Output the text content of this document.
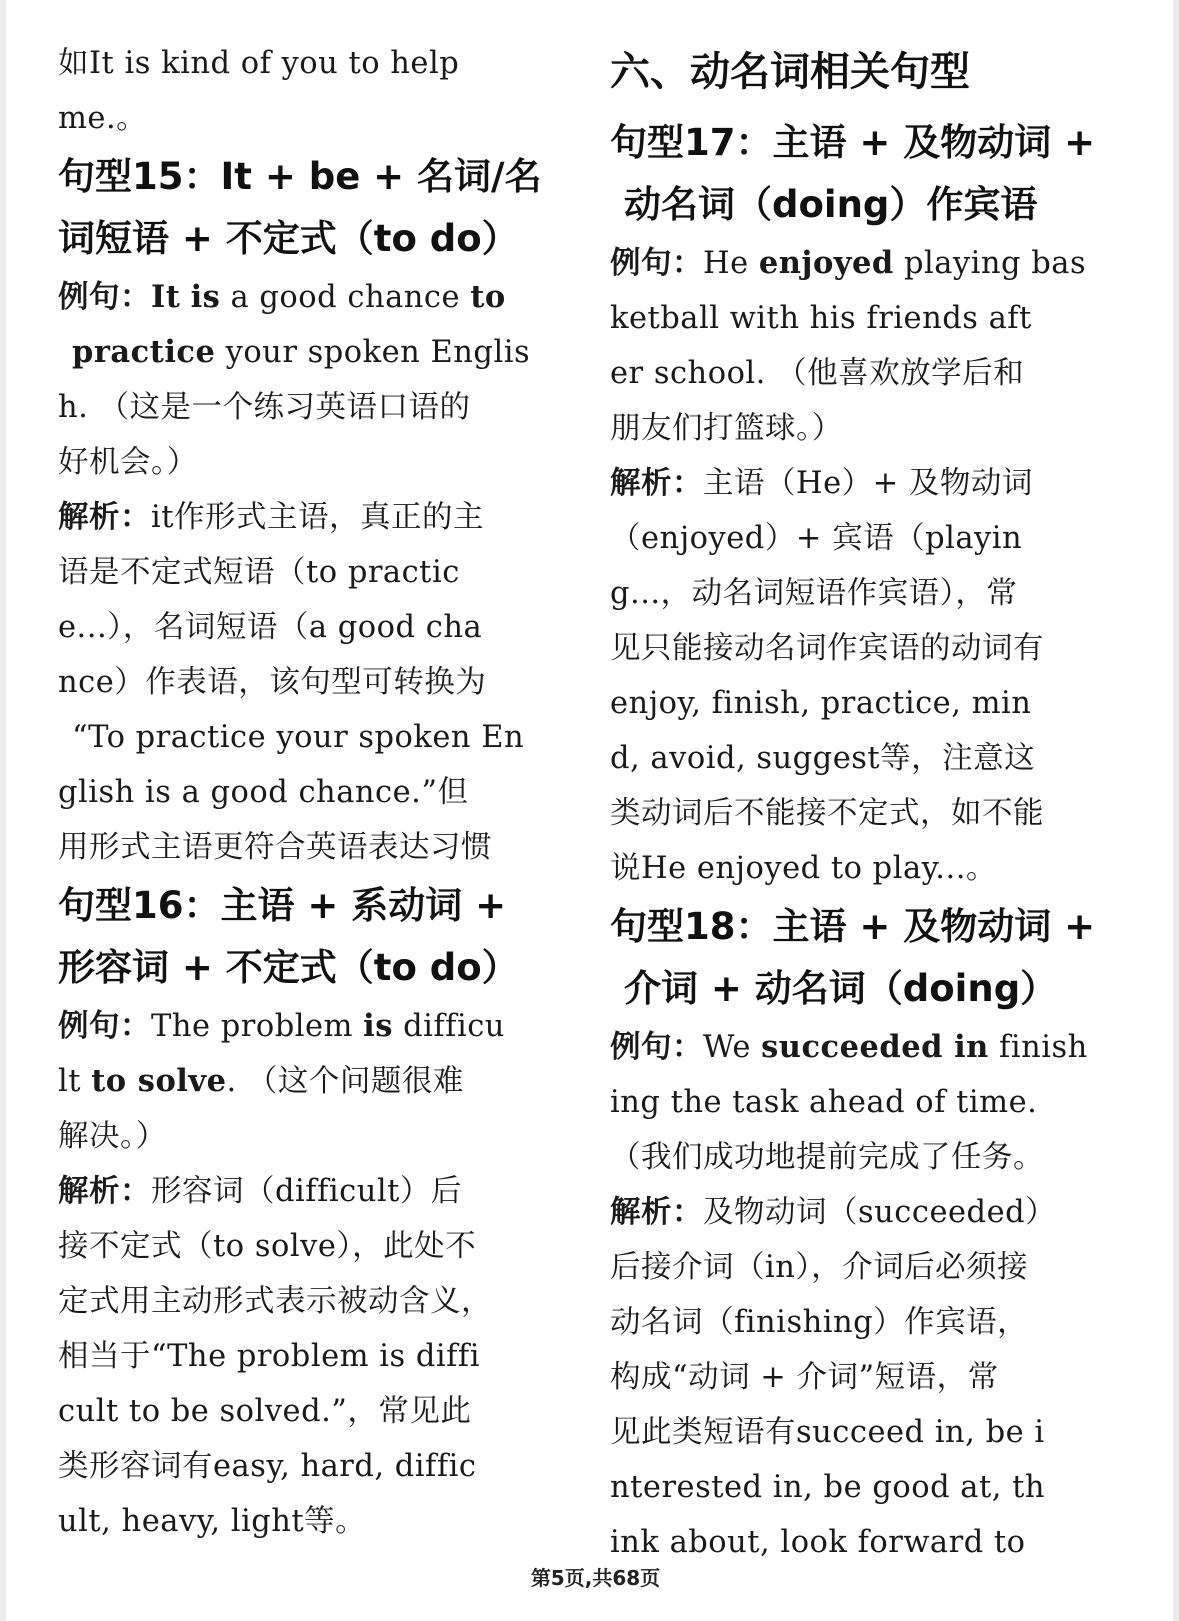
如It is kind of you to help
me.。
句型15：It + be + 名词/名
词短语 + 不定式（to do）
例句：It is a good chance to
practice your spoken Englis
h. （这是一个练习英语口语的
好机会。）
解析：it作形式主语，真正的主
语是不定式短语（to practic
e...），名词短语（a good cha
nce）作表语，该句型可转换为
“To practice your spoken En
glish is a good chance.”但
用形式主语更符合英语表达习惯
句型16：主语 + 系动词 +
形容词 + 不定式（to do）
例句：The problem is difficu
lt to solve. （这个问题很难
解决。）
解析：形容词（difficult）后
接不定式（to solve），此处不
定式用主动形式表示被动含义，
相当于“The problem is diffi
cult to be solved.”，常见此
类形容词有easy, hard, diffic
ult, heavy, light等。
六、动名词相关句型
句型17：主语 + 及物动词 +
动名词（doing）作宾语
例句：He enjoyed playing bas
ketball with his friends aft
er school. （他喜欢放学后和
朋友们打篮球。）
解析：主语（He）+ 及物动词
（enjoyed）+ 宾语（playin
g...，动名词短语作宾语），常
见只能接动名词作宾语的动词有
enjoy, finish, practice, min
d, avoid, suggest等，注意这
类动词后不能接不定式，如不能
说He enjoyed to play...。
句型18：主语 + 及物动词 +
介词 + 动名词（doing）
例句：We succeeded in finish
ing the task ahead of time.
（我们成功地提前完成了任务。
解析：及物动词（succeeded）
后接介词（in），介词后必须接
动名词（finishing）作宾语，
构成“动词 + 介词”短语，常
见此类短语有succeed in, be i
nterested in, be good at, th
ink about, look forward to
第5页,共68页
